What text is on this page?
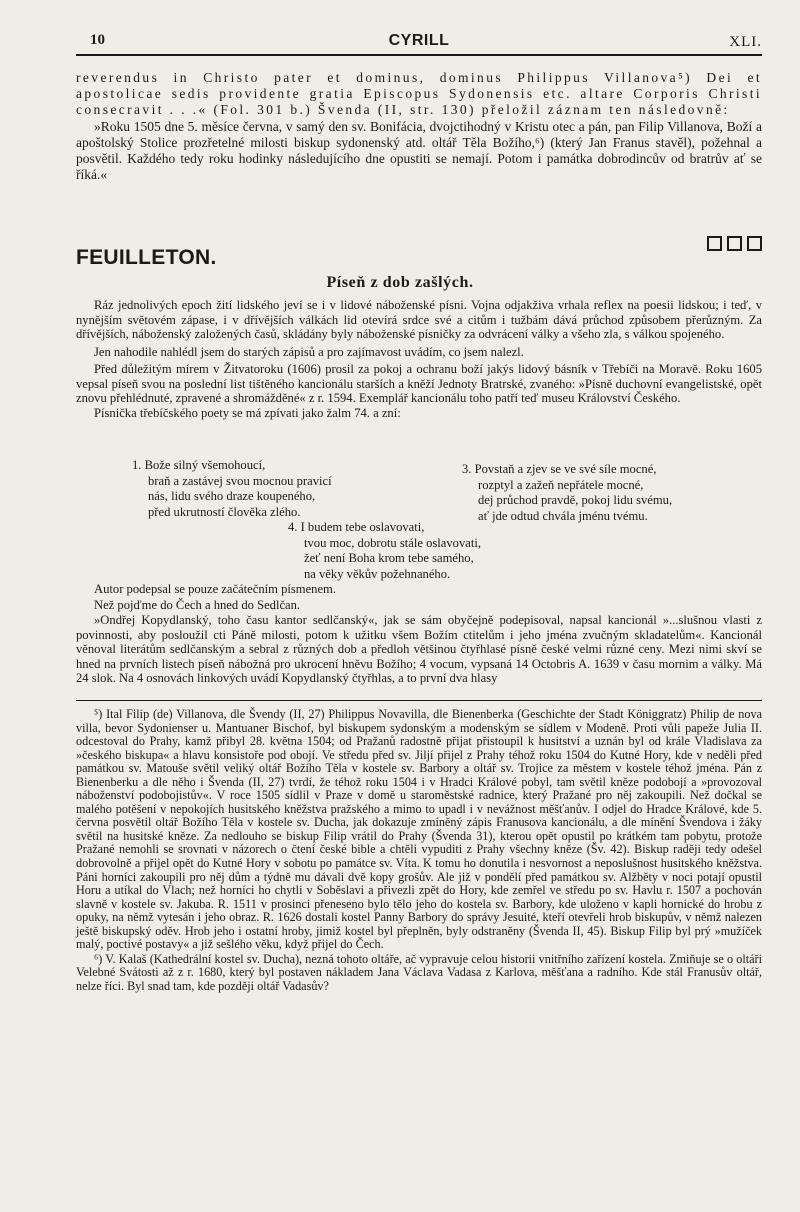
10	CYRILL	XLI.

reverendus in Christo pater et dominus, dominus Philippus Villanova⁵) Dei et apostolicae sedis providente gratia Episcopus Sydonensis etc. altare Corporis Christi consecravit . . .« (Fol. 301 b.) Švenda (II, str. 130) přeložil záznam ten následovně:

»Roku 1505 dne 5. měsíce června, v samý den sv. Bonifácia, dvojctihodný v Kristu otec a pán, pan Filip Villanova, Boží a apoštolský Stolice prozřetelné milosti biskup sydonenský atd. oltář Těla Božího,⁶) (který Jan Franus stavěl), požehnal a posvětil. Každého tedy roku hodinky následujícího dne opustiti se nemají. Potom i památka dobrodincův od bratrův ať se říká.«

FEUILLETON.
Píseň z dob zašlých.

Ráz jednolivých epoch žití lidského jeví se i v lidové náboženské písni. Vojna odjakživa vrhala reflex na poesii lidskou; i teď, v nynějším světovém zápase, i v dřívějších válkách lid otevírá srdce své a citům i tužbám dává průchod způsobem přerůzným. Za dřívějších, náboženský založených časů, skládány byly náboženské písničky za odvrácení války a všeho zla, s válkou spojeného.

Jen nahodile nahlédl jsem do starých zápisů a pro zajímavost uvádím, co jsem nalezl.

Před důležitým mírem v Žitvatoroku (1606) prosil za pokoj a ochranu boží jakýs lidový básník v Třebíči na Moravě. Roku 1605 vepsal píseň svou na poslední list tištěného kancionálu starších a kněží Jednoty Bratrské, zvaného: »Písně duchovní evangelistské, opět znovu přehlédnuté, zpravené a shromážděné« z r. 1594. Exemplář kancionálu toho patří teď museu Království Českého.

Písnička třebíčského poety se má zpívati jako žalm 74. a zní:

1. Bože silný všemohoucí,
braň a zastávej svou mocnou pravicí
nás, lidu svého draze koupeného,
před ukrutností člověka zlého.
3. Povstaň a zjev se ve své síle mocné,
rozptyl a zažeň nepřátele mocné,
dej průchod pravdě, pokoj lidu svému,
ať jde odtud chvála jménu tvému.
4. I budem tebe oslavovati,
tvou moc, dobrotu stále oslavovati,
žeť není Boha krom tebe samého,
na věky věkův požehnaného.

Autor podepsal se pouze začátečním písmenem.

Než pojďme do Čech a hned do Sedlčan.

»Ondřej Kopydlanský, toho času kantor sedlčanský«, jak se sám obyčejně podepisoval, napsal kancionál »...slušnou vlasti z povinnosti, aby posloužil cti Páně milosti, potom k užitku všem Božím ctitelům i jeho jména zvučným skladatelům«. Kancionál věnoval literátům sedlčanským a sebral z různých dob a předloh většinou čtyřhlasé písně české velmi různé ceny. Mezi nimi skví se hned na prvních listech píseň nábožná pro ukrocení hněvu Božího; 4 vocum, vypsaná 14 Octobris A. 1639 v času mornim a války. Má 24 slok. Na 4 osnovách linkových uvádí Kopydlanský čtyřhlas, a to první dva hlasy

⁵) Ital Filip (de) Villanova, dle Švendy (II, 27) Philippus Novavilla, dle Bienenberka (Geschichte der Stadt Königgratz) Philip de nova villa, bevor Sydonienser u. Mantuaner Bischof, byl biskupem sydonským a modenským se sídlem v Modeně. Proti vůli papeže Julia II. odcestoval do Prahy, kamž přibyl 28. května 1504; od Pražanů radostně přijat přistoupil k husitství a uznán byl od krále Vladislava za »českého biskupa« a hlavu konsistoře pod obojí. Ve středu před sv. Jiljí přijel z Prahy téhož roku 1504 do Kutné Hory, kde v neděli před památkou sv. Matouše světil veliký oltář Božího Těla v kostele sv. Barbory a oltář sv. Trojice za městem v kostele téhož jména. Pán z Bienenberku a dle něho i Švenda (II, 27) tvrdí, že téhož roku 1504 i v Hradci Králové pobyl, tam světil kněze podobojí a »provozoval náboženství podobojistův«. V roce 1505 sídlil v Praze v domě u staroměstské radnice, který Pražané pro něj zakoupili. Než dočkal se malého potěšení v nepokojích husitského kněžstva pražského a mimo to upadl i v nevážnost měšťanův. I odjel do Hradce Králové, kde 5. června posvětil oltář Božího Těla v kostele sv. Ducha, jak dokazuje zmíněný zápis Franusova kancionálu, a dle mínění Švendova i žáky světil na husitské kněze. Za nedlouho se biskup Filip vrátil do Prahy (Švenda 31), kterou opět opustil po krátkém tam pobytu, protože Pražané nemohli se srovnati v názorech o čtení české bible a chtěli vypuditi z Prahy všechny kněze (Šv. 42). Biskup raději tedy odešel dobrovolně a přijel opět do Kutné Hory v sobotu po památce sv. Víta. K tomu ho donutila i nesvornost a neposlušnost husitského kněžstva. Páni horníci zakoupili pro něj dům a týdně mu dávali dvě kopy grošův. Ale již v pondělí před památkou sv. Alžběty v noci potají opustil Horu a utíkal do Vlach; než horníci ho chytli v Soběslavi a přivezli zpět do Hory, kde zemřel ve středu po sv. Havlu r. 1507 a pochován slavně v kostele sv. Jakuba. R. 1511 v prosinci přeneseno bylo tělo jeho do kostela sv. Barbory, kde uloženo v kapli hornické do hrobu z opuky, na němž vytesán i jeho obraz. R. 1626 dostali kostel Panny Barbory do správy Jesuité, kteří otevřeli hrob biskupův, v němž nalezen ještě biskupský oděv. Hrob jeho i ostatní hroby, jimiž kostel byl přeplněn, byly odstraněny (Švenda II, 45). Biskup Filip byl prý »mužíček malý, poctivé postavy« a již sešlého věku, když přijel do Čech.

⁶) V. Kalaš (Kathedrální kostel sv. Ducha), nezná tohoto oltáře, ač vypravuje celou historii vnitřního zařízení kostela. Zmiňuje se o oltáři Velebné Svátosti až z r. 1680, který byl postaven nákladem Jana Václava Vadasa z Karlova, měšťana a radního. Kde stál Franusův oltář, nelze říci. Byl snad tam, kde později oltář Vadasův?
